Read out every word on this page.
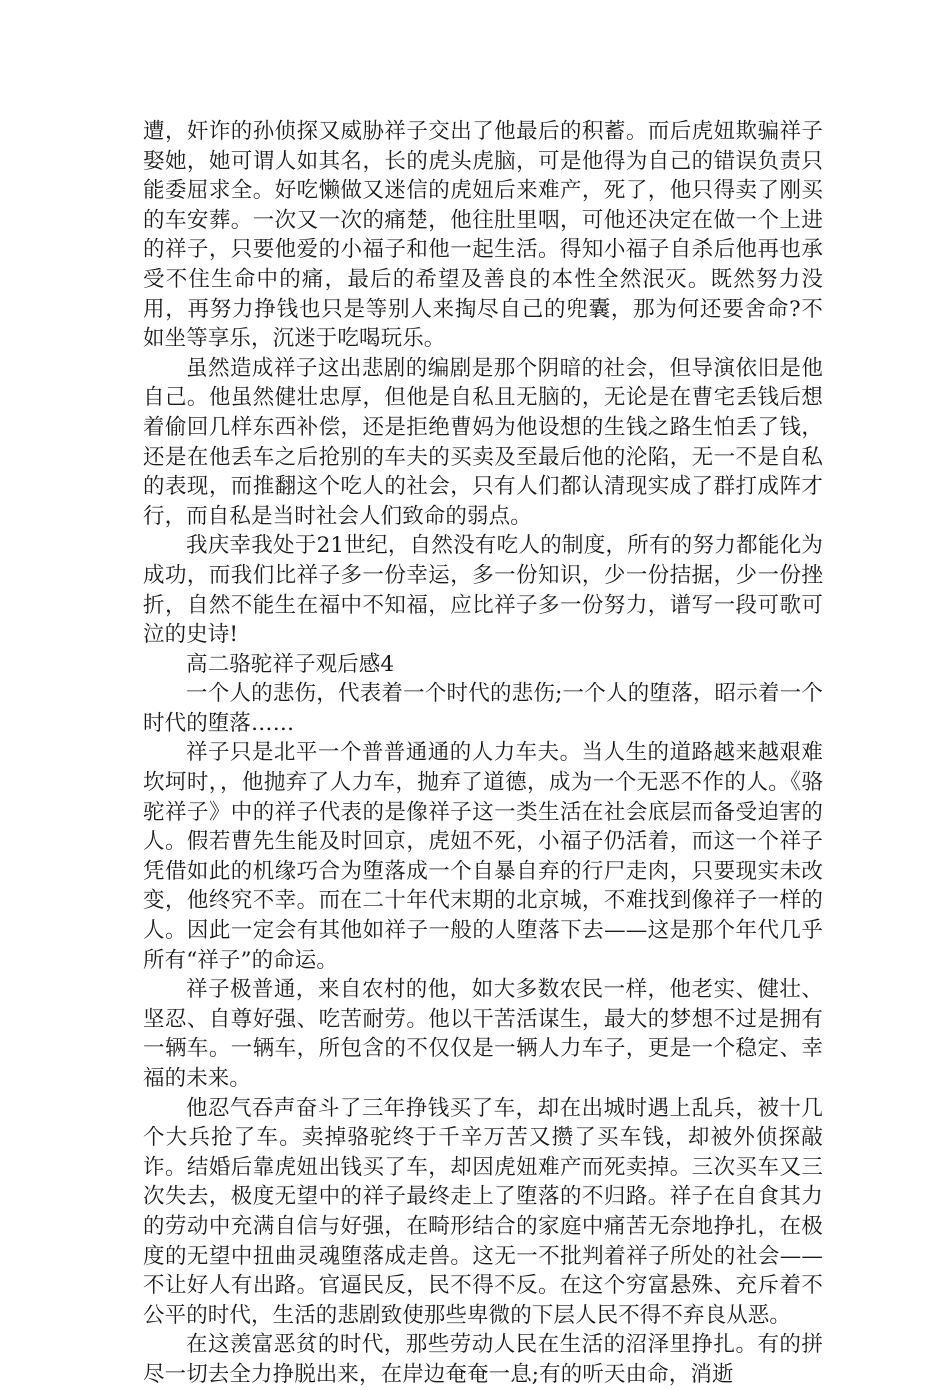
遭，奸诈的孙侦探又威胁祥子交出了他最后的积蓄。而后虎妞欺骗祥子娶她，她可谓人如其名，长的虎头虎脑，可是他得为自己的错误负责只能委屈求全。好吃懒做又迷信的虎妞后来难产，死了，他只得卖了刚买的车安葬。一次又一次的痛楚，他往肚里咽，可他还决定在做一个上进的祥子，只要他爱的小福子和他一起生活。得知小福子自杀后他再也承受不住生命中的痛，最后的希望及善良的本性全然泯灭。既然努力没用，再努力挣钱也只是等别人来掏尽自己的兜囊，那为何还要舍命?不如坐等享乐，沉迷于吃喝玩乐。

虽然造成祥子这出悲剧的编剧是那个阴暗的社会，但导演依旧是他自己。他虽然健壮忠厚，但他是自私且无脑的，无论是在曹宅丢钱后想着偷回几样东西补偿，还是拒绝曹妈为他设想的生钱之路生怕丢了钱，还是在他丢车之后抢别的车夫的买卖及至最后他的沦陷，无一不是自私的表现，而推翻这个吃人的社会，只有人们都认清现实成了群打成阵才行，而自私是当时社会人们致命的弱点。

我庆幸我处于21世纪，自然没有吃人的制度，所有的努力都能化为成功，而我们比祥子多一份幸运，多一份知识，少一份拮据，少一份挫折，自然不能生在福中不知福，应比祥子多一份努力，谱写一段可歌可泣的史诗!

高二骆驼祥子观后感4

一个人的悲伤，代表着一个时代的悲伤;一个人的堕落，昭示着一个时代的堕落……

祥子只是北平一个普普通通的人力车夫。当人生的道路越来越艰难坎坷时，，他抛弃了人力车，抛弃了道德，成为一个无恶不作的人。《骆驼祥子》中的祥子代表的是像祥子这一类生活在社会底层而备受迫害的人。假若曹先生能及时回京，虎妞不死，小福子仍活着，而这一个祥子凭借如此的机缘巧合为堕落成一个自暴自弃的行尸走肉，只要现实未改变，他终究不幸。而在二十年代末期的北京城，不难找到像祥子一样的人。因此一定会有其他如祥子一般的人堕落下去——这是那个年代几乎所有“祥子”的命运。

祥子极普通，来自农村的他，如大多数农民一样，他老实、健壮、坚忍、自尊好强、吃苦耐劳。他以干苦活谋生，最大的梦想不过是拥有一辆车。一辆车，所包含的不仅仅是一辆人力车子，更是一个稳定、幸福的未来。

他忍气吞声奋斗了三年挣钱买了车，却在出城时遇上乱兵，被十几个大兵抢了车。卖掉骆驼终于千辛万苦又攒了买车钱，却被外侦探敲诈。结婚后靠虎妞出钱买了车，却因虎妞难产而死卖掉。三次买车又三次失去，极度无望中的祥子最终走上了堕落的不归路。祥子在自食其力的劳动中充满自信与好强，在畸形结合的家庭中痛苦无奈地挣扎，在极度的无望中扭曲灵魂堕落成走兽。这无一不批判着祥子所处的社会——不让好人有出路。官逼民反，民不得不反。在这个穷富悬殊、充斥着不公平的时代，生活的悲剧致使那些卑微的下层人民不得不弃良从恶。

在这羡富恶贫的时代，那些劳动人民在生活的沼泽里挣扎。有的拼尽一切去全力挣脱出来，在岸边奄奄一息;有的听天由命，消逝
